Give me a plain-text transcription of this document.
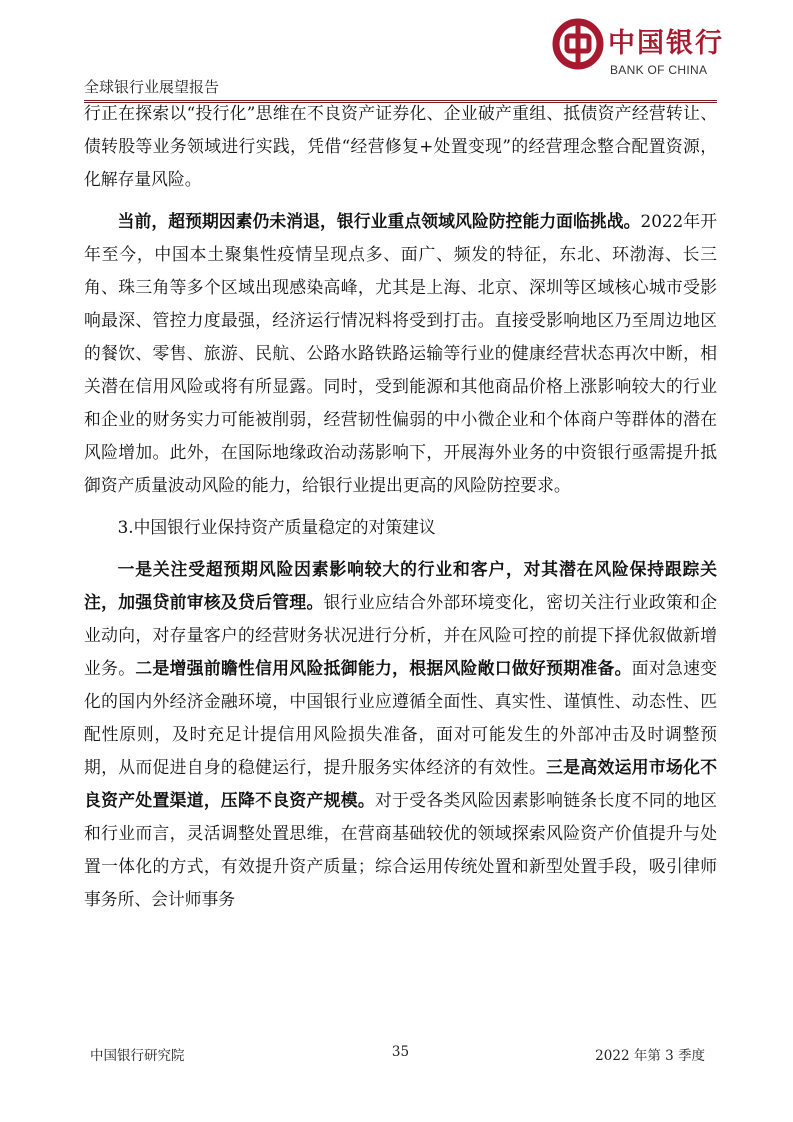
中国银行
BANK OF CHINA
全球银行业展望报告

行正在探索以“投行化”思维在不良资产证券化、企业破产重组、抵债资产经营转让、债转股等业务领域进行实践，凭借“经营修复+处置变现”的经营理念整合配置资源，化解存量风险。

当前，超预期因素仍未消退，银行业重点领域风险防控能力面临挑战。2022年开年至今，中国本土聚集性疫情呈现点多、面广、频发的特征，东北、环渤海、长三角、珠三角等多个区域出现感染高峰，尤其是上海、北京、深圳等区域核心城市受影响最深、管控力度最强，经济运行情况料将受到打击。直接受影响地区乃至周边地区的餐饮、零售、旅游、民航、公路水路铁路运输等行业的健康经营状态再次中断，相关潜在信用风险或将有所显露。同时，受到能源和其他商品价格上涨影响较大的行业和企业的财务实力可能被削弱，经营韧性偏弱的中小微企业和个体商户等群体的潜在风险增加。此外，在国际地缘政治动荡影响下，开展海外业务的中资银行亟需提升抵御资产质量波动风险的能力，给银行业提出更高的风险防控要求。

3.中国银行业保持资产质量稳定的对策建议

一是关注受超预期风险因素影响较大的行业和客户，对其潜在风险保持跟踪关注，加强贷前审核及贷后管理。银行业应结合外部环境变化，密切关注行业政策和企业动向，对存量客户的经营财务状况进行分析，并在风险可控的前提下择优叙做新增业务。二是增强前瞻性信用风险抵御能力，根据风险敞口做好预期准备。面对急速变化的国内外经济金融环境，中国银行业应遵循全面性、真实性、谨慎性、动态性、匹配性原则，及时充足计提信用风险损失准备，面对可能发生的外部冲击及时调整预期，从而促进自身的稳健运行，提升服务实体经济的有效性。三是高效运用市场化不良资产处置渠道，压降不良资产规模。对于受各类风险因素影响链条长度不同的地区和行业而言，灵活调整处置思维，在营商基础较优的领域探索风险资产价值提升与处置一体化的方式，有效提升资产质量；综合运用传统处置和新型处置手段，吸引律师事务所、会计师事务

中国银行研究院	35	2022 年第 3 季度
